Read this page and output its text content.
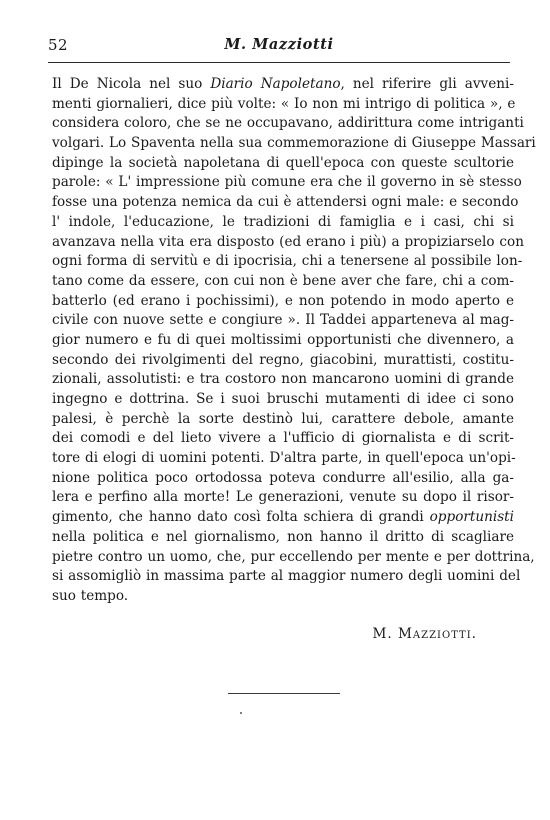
52	M. Mazziotti
Il De Nicola nel suo Diario Napoletano, nel riferire gli avveni-
menti giornalieri, dice più volte: « Io non mi intrigo di politica », e
considera coloro, che se ne occupavano, addirittura come intriganti
volgari. Lo Spaventa nella sua commemorazione di Giuseppe Massari
dipinge la società napoletana di quell'epoca con queste scultorie
parole: « L' impressione più comune era che il governo in sè stesso
fosse una potenza nemica da cui è attendersi ogni male: e secondo
l' indole, l'educazione, le tradizioni di famiglia e i casi, chi si
avanzava nella vita era disposto (ed erano i più) a propiziarselo con
ogni forma di servitù e di ipocrisia, chi a tenersene al possibile lon-
tano come da essere, con cui non è bene aver che fare, chi a com-
batterlo (ed erano i pochissimi), e non potendo in modo aperto e
civile con nuove sette e congiure ». Il Taddei apparteneva al mag-
gior numero e fu di quei moltissimi opportunisti che divennero, a
secondo dei rivolgimenti del regno, giacobini, murattisti, costitu-
zionali, assolutisti: e tra costoro non mancarono uomini di grande
ingegno e dottrina. Se i suoi bruschi mutamenti di idee ci sono
palesi, è perchè la sorte destinò lui, carattere debole, amante
dei comodi e del lieto vivere a l'ufficio di giornalista e di scrit-
tore di elogi di uomini potenti. D'altra parte, in quell'epoca un'opi-
nione politica poco ortodossa poteva condurre all'esilio, alla ga-
lera e perfino alla morte! Le generazioni, venute su dopo il risor-
gimento, che hanno dato così folta schiera di grandi opportunisti
nella politica e nel giornalismo, non hanno il dritto di scagliare
pietre contro un uomo, che, pur eccellendo per mente e per dottrina,
si assomigliò in massima parte al maggior numero degli uomini del
suo tempo.
M. Mazziotti.
